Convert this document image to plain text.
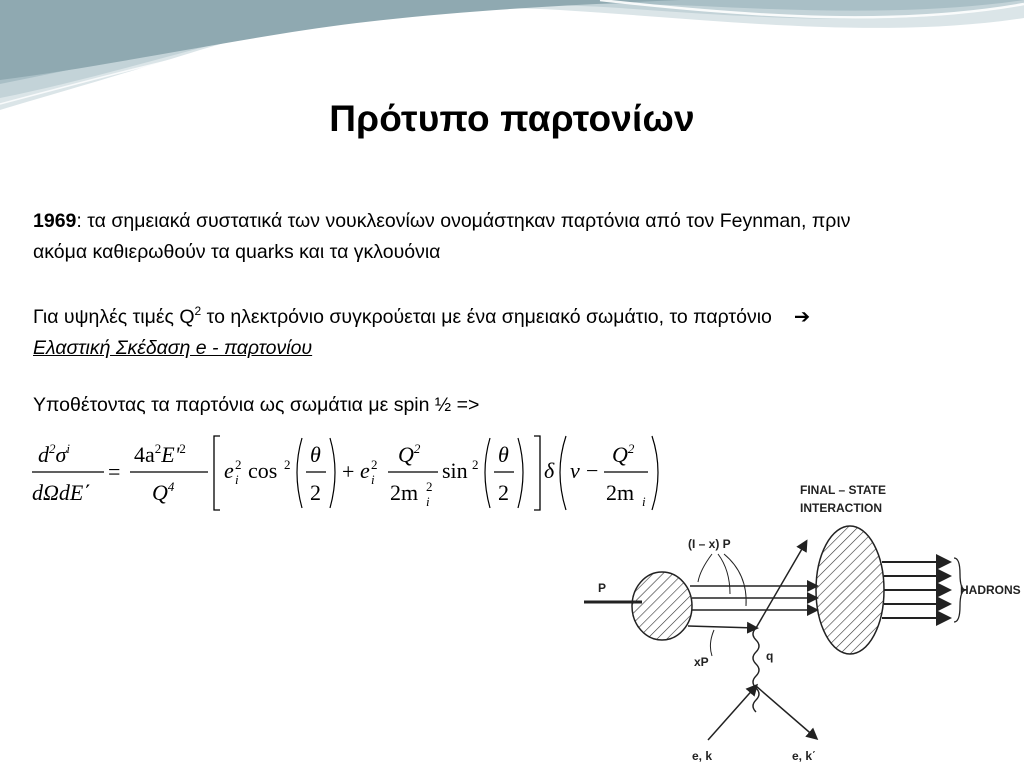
Πρότυπο παρτονίων
1969: τα σημειακά συστατικά των νουκλεονίων ονομάστηκαν παρτόνια από τον Feynman, πριν ακόμα καθιερωθούν τα quarks και τα γκλουόνια
Για υψηλές τιμές $Q^2$ το ηλεκτρόνιο συγκρούεται με ένα σημειακό σωμάτιο, το παρτόνιο ➔Ελαστική Σκέδαση e - παρτονίου
Υποθέτοντας τα παρτόνια ως σωμάτια με spin ½ =>
$d^2\sigma^i$
dΩdE΄
=
$4a^2E'^2$
$Q^4$
e 2
i cos 2 θ
2
+ e 2
i
$Q^2$
2m 2
i
sin 2 θ
2
δ v −
$Q^2$
2m i
FINAL – STATE
INTERACTION
P
(I – x) P
xP
HADRONS
q
e, k	e, k΄
